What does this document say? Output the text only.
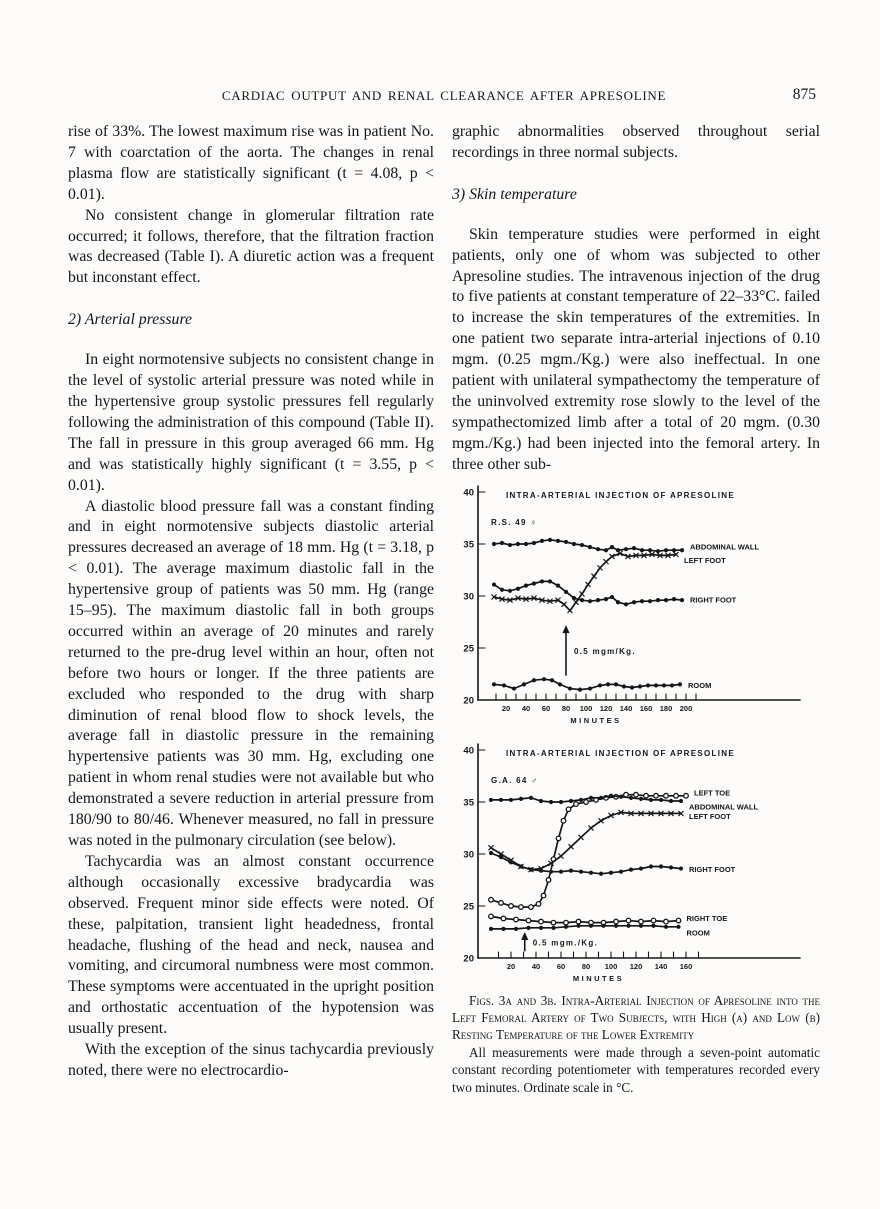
CARDIAC OUTPUT AND RENAL CLEARANCE AFTER APRESOLINE	875

rise of 33%. The lowest maximum rise was in patient No. 7 with coarctation of the aorta. The changes in renal plasma flow are statistically significant (t = 4.08, p < 0.01).

No consistent change in glomerular filtration rate occurred; it follows, therefore, that the filtration fraction was decreased (Table I). A diuretic action was a frequent but inconstant effect.

2) Arterial pressure

In eight normotensive subjects no consistent change in the level of systolic arterial pressure was noted while in the hypertensive group systolic pressures fell regularly following the administration of this compound (Table II). The fall in pressure in this group averaged 66 mm. Hg and was statistically highly significant (t = 3.55, p < 0.01).

A diastolic blood pressure fall was a constant finding and in eight normotensive subjects diastolic arterial pressures decreased an average of 18 mm. Hg (t = 3.18, p < 0.01). The average maximum diastolic fall in the hypertensive group of patients was 50 mm. Hg (range 15–95). The maximum diastolic fall in both groups occurred within an average of 20 minutes and rarely returned to the pre-drug level within an hour, often not before two hours or longer. If the three patients are excluded who responded to the drug with sharp diminution of renal blood flow to shock levels, the average fall in diastolic pressure in the remaining hypertensive patients was 30 mm. Hg, excluding one patient in whom renal studies were not available but who demonstrated a severe reduction in arterial pressure from 180/90 to 80/46. Whenever measured, no fall in pressure was noted in the pulmonary circulation (see below).

Tachycardia was an almost constant occurrence although occasionally excessive bradycardia was observed. Frequent minor side effects were noted. Of these, palpitation, transient light headedness, frontal headache, flushing of the head and neck, nausea and vomiting, and circumoral numbness were most common. These symptoms were accentuated in the upright position and orthostatic accentuation of the hypotension was usually present.

With the exception of the sinus tachycardia previously noted, there were no electrocardio-

graphic abnormalities observed throughout serial recordings in three normal subjects.

3) Skin temperature

Skin temperature studies were performed in eight patients, only one of whom was subjected to other Apresoline studies. The intravenous injection of the drug to five patients at constant temperature of 22–33°C. failed to increase the skin temperatures of the extremities. In one patient two separate intra-arterial injections of 0.10 mgm. (0.25 mgm./Kg.) were also ineffectual. In one patient with unilateral sympathectomy the temperature of the uninvolved extremity rose slowly to the level of the sympathectomized limb after a total of 20 mgm. (0.30 mgm./Kg.) had been injected into the femoral artery. In three other sub-

20
25
30
35
40
20 40 60 80 100 120 140 160 180 200
MINUTES
INTRA-ARTERIAL INJECTION OF APRESOLINE
R.S. 49 ♀
0.5 mgm/Kg.
ABDOMINAL WALL
LEFT FOOT
RIGHT FOOT
ROOM
20
25
30
35
40
20 40 60 80 100 120 140 160
MINUTES
INTRA-ARTERIAL INJECTION OF APRESOLINE
G.A. 64 ♂
0.5 mgm./Kg.
LEFT TOE
ABDOMINAL WALL
LEFT FOOT
RIGHT FOOT
RIGHT TOE
ROOM

Figs. 3a and 3b. Intra-Arterial Injection of Apresoline into the Left Femoral Artery of Two Subjects, with High (a) and Low (b) Resting Temperature of the Lower Extremity

All measurements were made through a seven-point automatic constant recording potentiometer with temperatures recorded every two minutes. Ordinate scale in °C.
